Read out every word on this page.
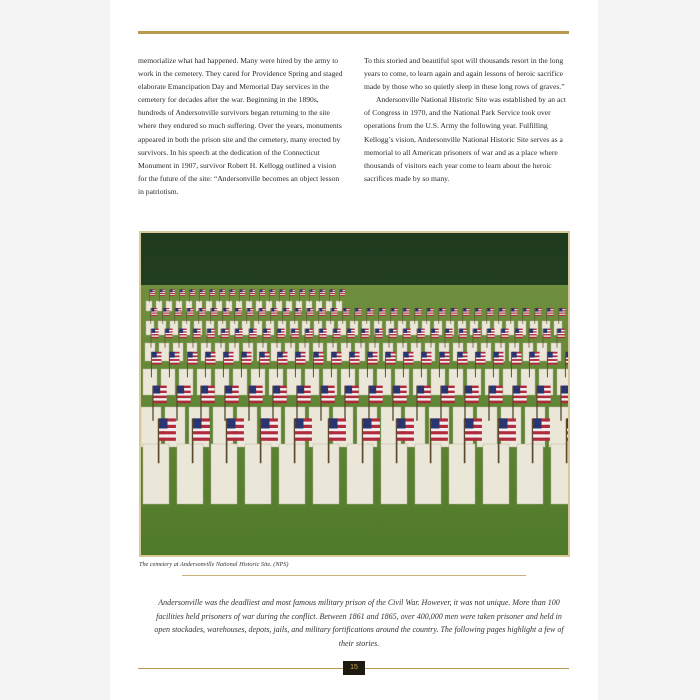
memorialize what had happened. Many were hired by the army to work in the cemetery. They cared for Providence Spring and staged elaborate Emancipation Day and Memorial Day services in the cemetery for decades after the war. Beginning in the 1890s, hundreds of Andersonville survivors began returning to the site where they endured so much suffering. Over the years, monuments appeared in both the prison site and the cemetery, many erected by survivors. In his speech at the dedication of the Connecticut Monument in 1907, survivor Robert H. Kellogg outlined a vision for the future of the site: “Andersonville becomes an object lesson in patriotism.

To this storied and beautiful spot will thousands resort in the long years to come, to learn again and again lessons of heroic sacrifice made by those who so quietly sleep in these long rows of graves.”

Andersonville National Historic Site was established by an act of Congress in 1970, and the National Park Service took over operations from the U.S. Army the following year. Fulfilling Kellogg’s vision, Andersonville National Historic Site serves as a memorial to all American prisoners of war and as a place where thousands of visitors each year come to learn about the heroic sacrifices made by so many.

The cemetery at Andersonville National Historic Site. (NPS)
Andersonville was the deadliest and most famous military prison of the Civil War. However, it was not unique. More than 100 facilities held prisoners of war during the conflict. Between 1861 and 1865, over 400,000 men were taken prisoner and held in open stockades, warehouses, depots, jails, and military fortifications around the country. The following pages highlight a few of their stories.
15
